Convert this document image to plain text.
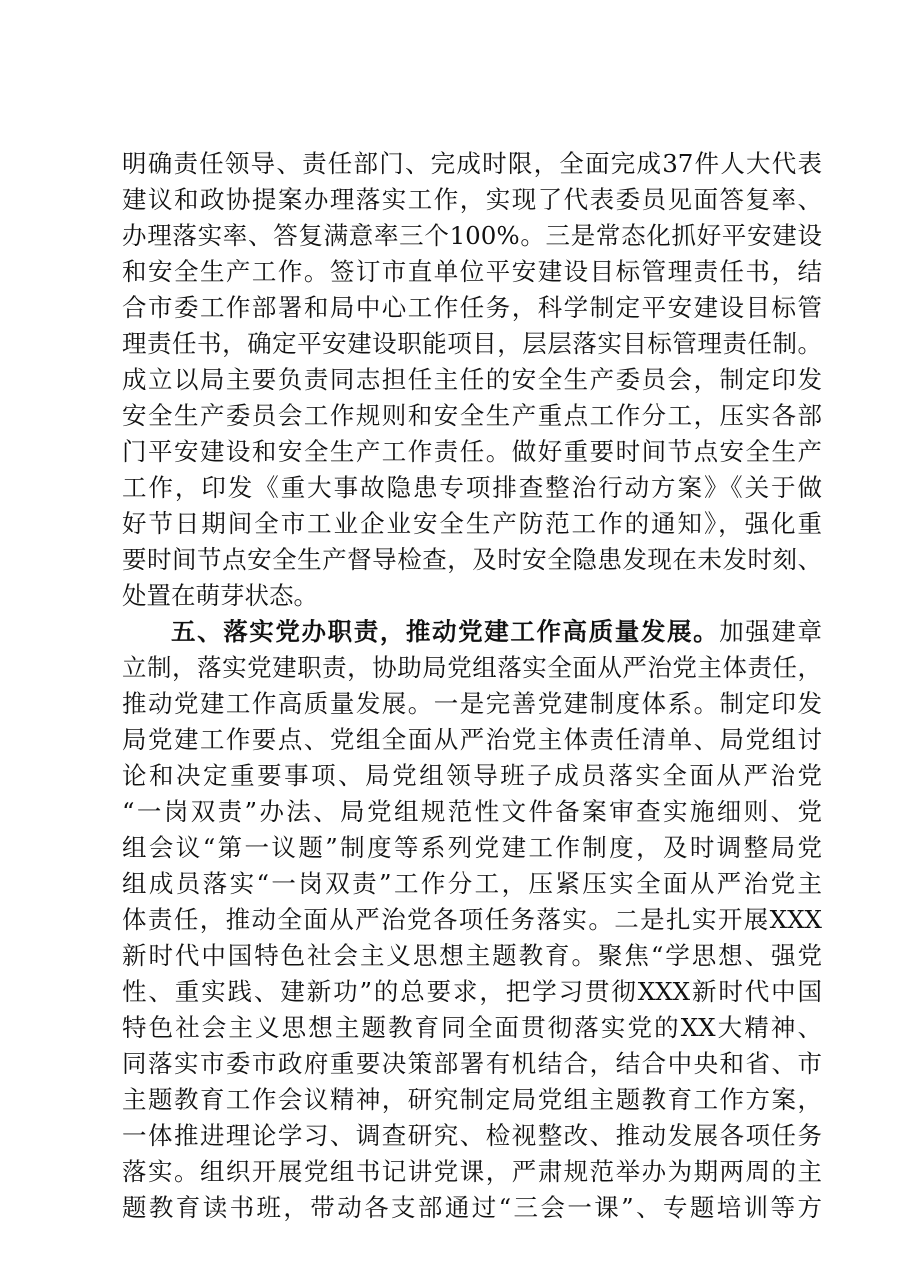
明确责任领导、责任部门、完成时限，全面完成37件人大代表
建议和政协提案办理落实工作，实现了代表委员见面答复率、
办理落实率、答复满意率三个100%。三是常态化抓好平安建设
和安全生产工作。签订市直单位平安建设目标管理责任书，结
合市委工作部署和局中心工作任务，科学制定平安建设目标管
理责任书，确定平安建设职能项目，层层落实目标管理责任制。
成立以局主要负责同志担任主任的安全生产委员会，制定印发
安全生产委员会工作规则和安全生产重点工作分工，压实各部
门平安建设和安全生产工作责任。做好重要时间节点安全生产
工作，印发《重大事故隐患专项排查整治行动方案》《关于做
好节日期间全市工业企业安全生产防范工作的通知》，强化重
要时间节点安全生产督导检查，及时安全隐患发现在未发时刻、
处置在萌芽状态。
五、落实党办职责，推动党建工作高质量发展。加强建章
立制，落实党建职责，协助局党组落实全面从严治党主体责任，
推动党建工作高质量发展。一是完善党建制度体系。制定印发
局党建工作要点、党组全面从严治党主体责任清单、局党组讨
论和决定重要事项、局党组领导班子成员落实全面从严治党
“一岗双责”办法、局党组规范性文件备案审查实施细则、党
组会议“第一议题”制度等系列党建工作制度，及时调整局党
组成员落实“一岗双责”工作分工，压紧压实全面从严治党主
体责任，推动全面从严治党各项任务落实。二是扎实开展XXX
新时代中国特色社会主义思想主题教育。聚焦“学思想、强党
性、重实践、建新功”的总要求，把学习贯彻XXX新时代中国
特色社会主义思想主题教育同全面贯彻落实党的XX大精神、
同落实市委市政府重要决策部署有机结合，结合中央和省、市
主题教育工作会议精神，研究制定局党组主题教育工作方案，
一体推进理论学习、调查研究、检视整改、推动发展各项任务
落实。组织开展党组书记讲党课，严肃规范举办为期两周的主
题教育读书班，带动各支部通过“三会一课”、专题培训等方
